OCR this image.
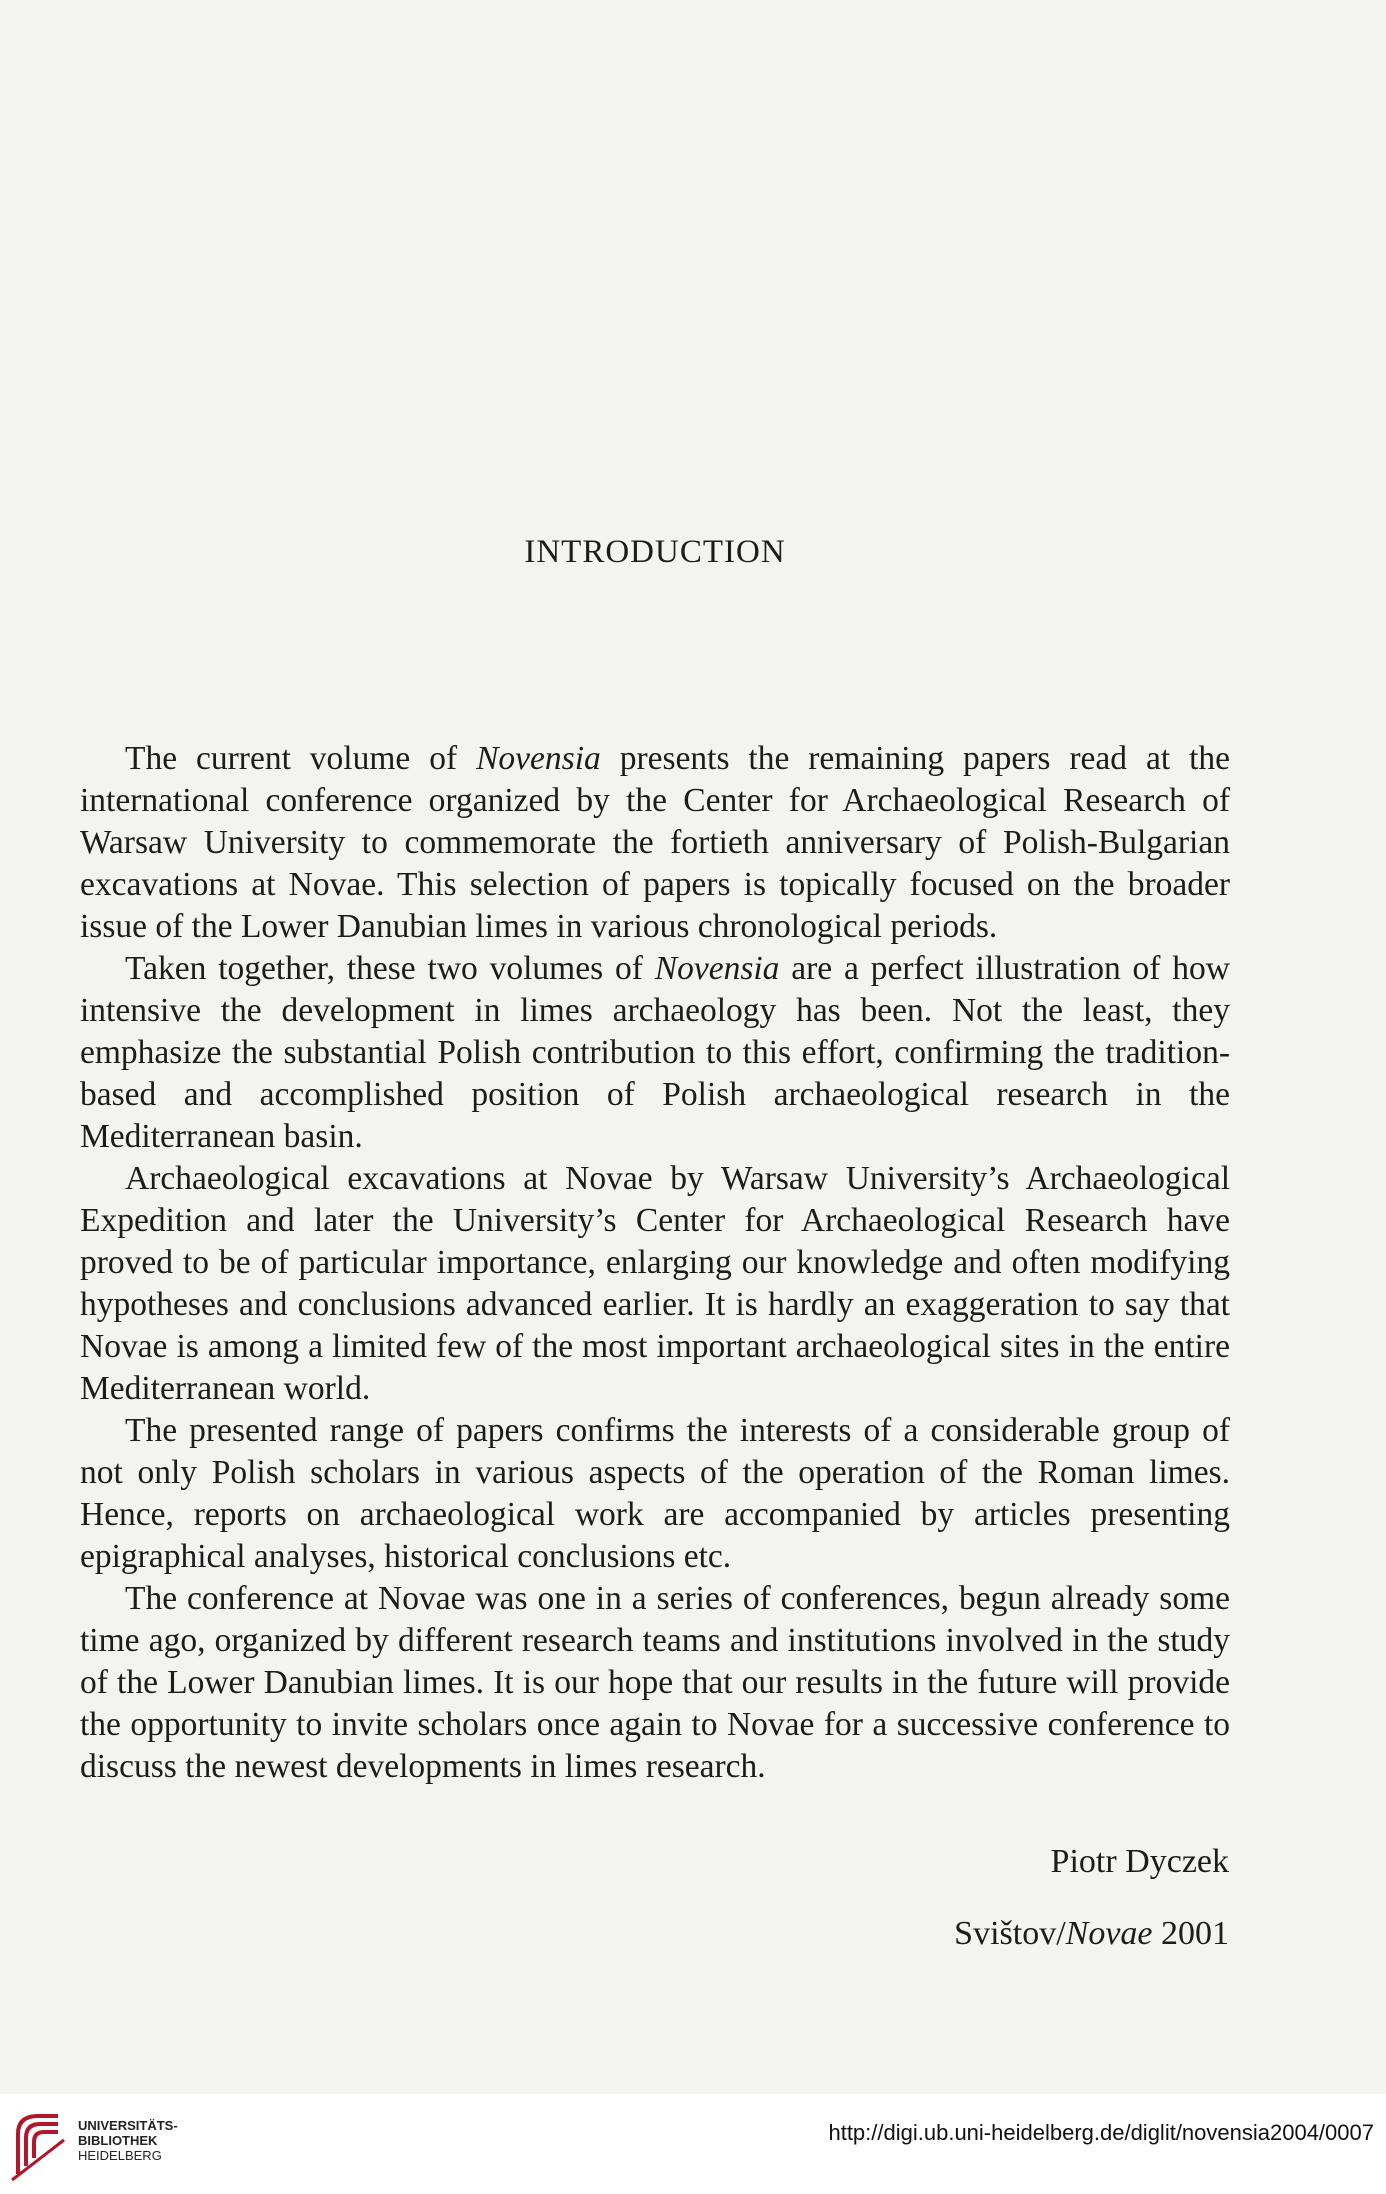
INTRODUCTION

The current volume of Novensia presents the remaining papers read at the international conference organized by the Center for Archaeological Research of Warsaw University to commemorate the fortieth anniversary of Polish-Bulgarian excavations at Novae. This selection of papers is topically focused on the broader issue of the Lower Danubian limes in various chronological periods.

Taken together, these two volumes of Novensia are a perfect illustration of how intensive the development in limes archaeology has been. Not the least, they emphasize the substantial Polish contribution to this effort, confirming the tradition-based and accomplished position of Polish archaeological research in the Mediterranean basin.

Archaeological excavations at Novae by Warsaw University’s Archaeological Expedition and later the University’s Center for Archaeological Research have proved to be of particular importance, enlarging our knowledge and often modifying hypotheses and conclusions advanced earlier. It is hardly an exaggeration to say that Novae is among a limited few of the most important archaeological sites in the entire Mediterranean world.

The presented range of papers confirms the interests of a considerable group of not only Polish scholars in various aspects of the operation of the Roman limes. Hence, reports on archaeological work are accompanied by articles presenting epigraphical analyses, historical conclusions etc.

The conference at Novae was one in a series of conferences, begun already some time ago, organized by different research teams and institutions involved in the study of the Lower Danubian limes. It is our hope that our results in the future will provide the opportunity to invite scholars once again to Novae for a successive conference to discuss the newest developments in limes research.

Piotr Dyczek
Svištov/Novae 2001
UNIVERSITÄTS-
BIBLIOTHEK
HEIDELBERG
http://digi.ub.uni-heidelberg.de/diglit/novensia2004/0007
